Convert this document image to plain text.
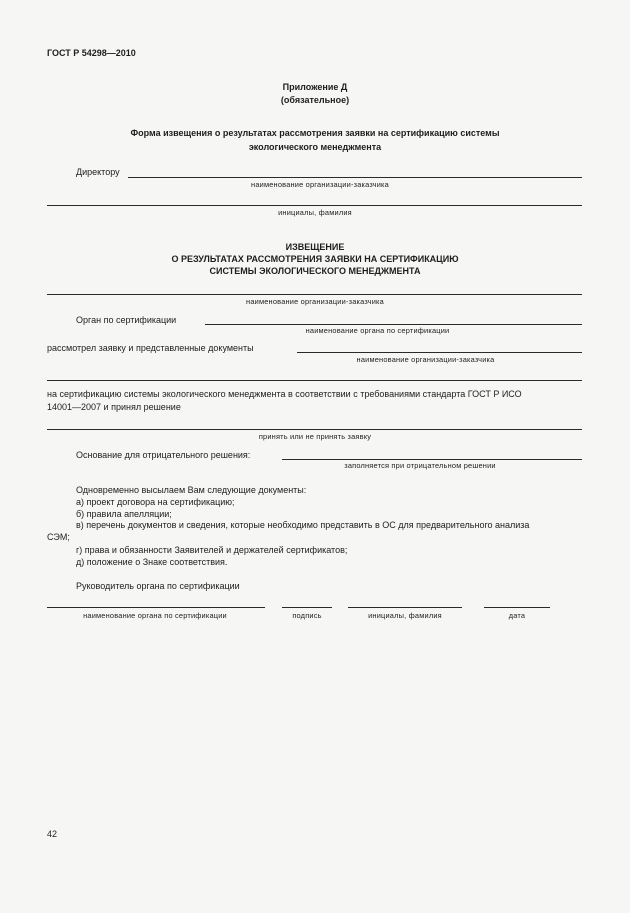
ГОСТ Р 54298—2010
Приложение Д
(обязательное)
Форма извещения о результатах рассмотрения заявки на сертификацию системы
экологического менеджмента
Директору
наименование организации-заказчика
инициалы, фамилия
ИЗВЕЩЕНИЕ
О РЕЗУЛЬТАТАХ РАССМОТРЕНИЯ ЗАЯВКИ НА СЕРТИФИКАЦИЮ
СИСТЕМЫ ЭКОЛОГИЧЕСКОГО МЕНЕДЖМЕНТА
наименование организации-заказчика
Орган по сертификации
наименование органа по сертификации
рассмотрел заявку и представленные документы
наименование организации-заказчика
на сертификацию системы экологического менеджмента в соответствии с требованиями стандарта ГОСТ Р ИСО
14001—2007 и принял решение
принять или не принять заявку
Основание для отрицательного решения:
заполняется при отрицательном решении
Одновременно высылаем Вам следующие документы:
а) проект договора на сертификацию;
б) правила апелляции;
в) перечень документов и сведения, которые необходимо представить в ОС для предварительного анализа
СЭМ;
г) права и обязанности Заявителей и держателей сертификатов;
д) положение о Знаке соответствия.
Руководитель органа по сертификации
наименование органа по сертификации	подпись	инициалы, фамилия	дата
42
